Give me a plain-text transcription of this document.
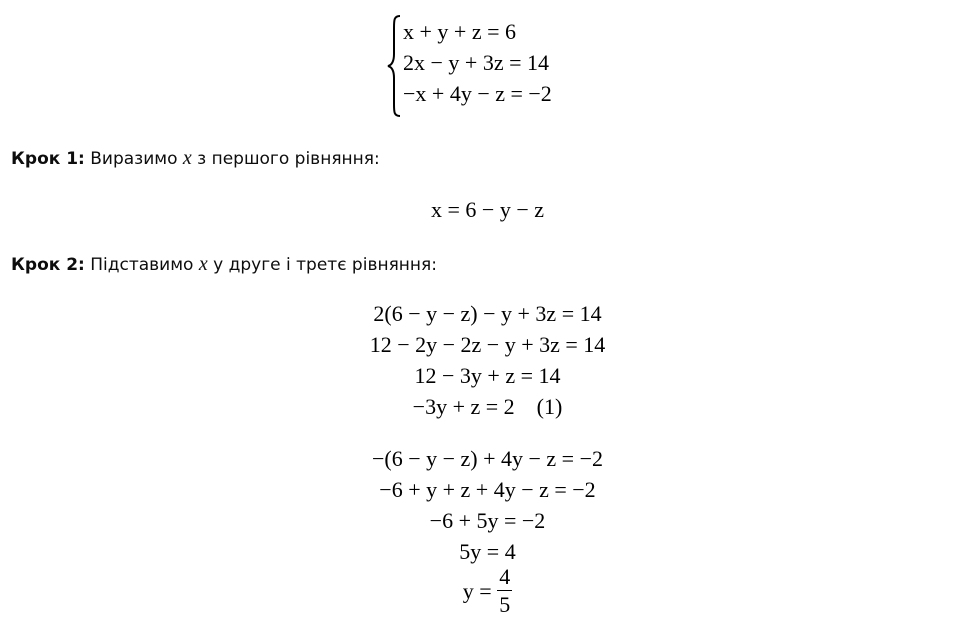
x + y + z = 6
2x − y + 3z = 14
−x + 4y − z = −2
Крок 1: Виразимо x з першого рівняння:
x = 6 − y − z
Крок 2: Підставимо x у друге і третє рівняння:
2(6 − y − z) − y + 3z = 14
12 − 2y − 2z − y + 3z = 14
12 − 3y + z = 14
−3y + z = 2    (1)
−(6 − y − z) + 4y − z = −2
−6 + y + z + 4y − z = −2
−6 + 5y = −2
5y = 4
$y = \frac{4}{5}$
